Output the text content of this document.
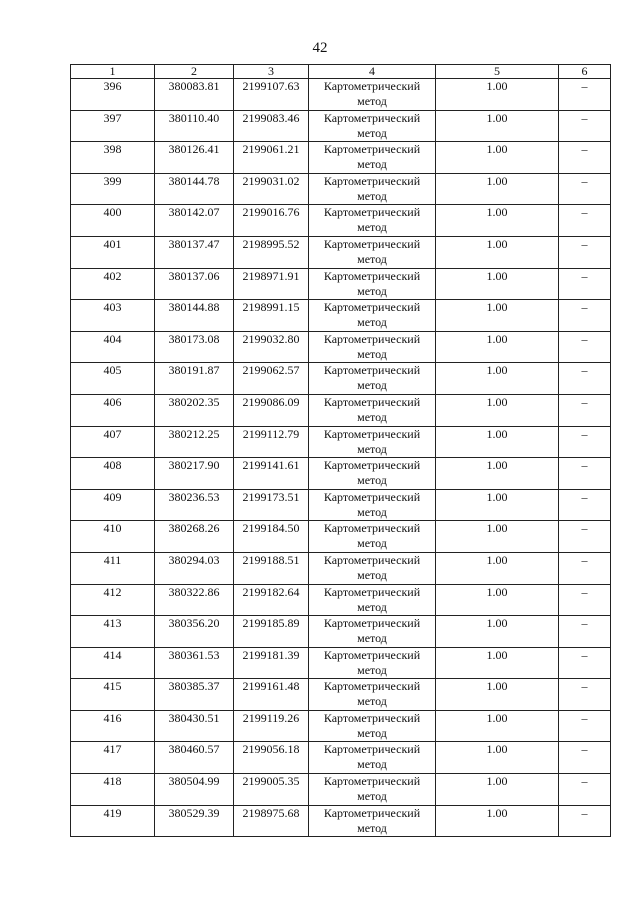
42
1	2	3	4	5	6
396	380083.81	2199107.63	Картометрический метод	1.00	–
397	380110.40	2199083.46	Картометрический метод	1.00	–
398	380126.41	2199061.21	Картометрический метод	1.00	–
399	380144.78	2199031.02	Картометрический метод	1.00	–
400	380142.07	2199016.76	Картометрический метод	1.00	–
401	380137.47	2198995.52	Картометрический метод	1.00	–
402	380137.06	2198971.91	Картометрический метод	1.00	–
403	380144.88	2198991.15	Картометрический метод	1.00	–
404	380173.08	2199032.80	Картометрический метод	1.00	–
405	380191.87	2199062.57	Картометрический метод	1.00	–
406	380202.35	2199086.09	Картометрический метод	1.00	–
407	380212.25	2199112.79	Картометрический метод	1.00	–
408	380217.90	2199141.61	Картометрический метод	1.00	–
409	380236.53	2199173.51	Картометрический метод	1.00	–
410	380268.26	2199184.50	Картометрический метод	1.00	–
411	380294.03	2199188.51	Картометрический метод	1.00	–
412	380322.86	2199182.64	Картометрический метод	1.00	–
413	380356.20	2199185.89	Картометрический метод	1.00	–
414	380361.53	2199181.39	Картометрический метод	1.00	–
415	380385.37	2199161.48	Картометрический метод	1.00	–
416	380430.51	2199119.26	Картометрический метод	1.00	–
417	380460.57	2199056.18	Картометрический метод	1.00	–
418	380504.99	2199005.35	Картометрический метод	1.00	–
419	380529.39	2198975.68	Картометрический метод	1.00	–
